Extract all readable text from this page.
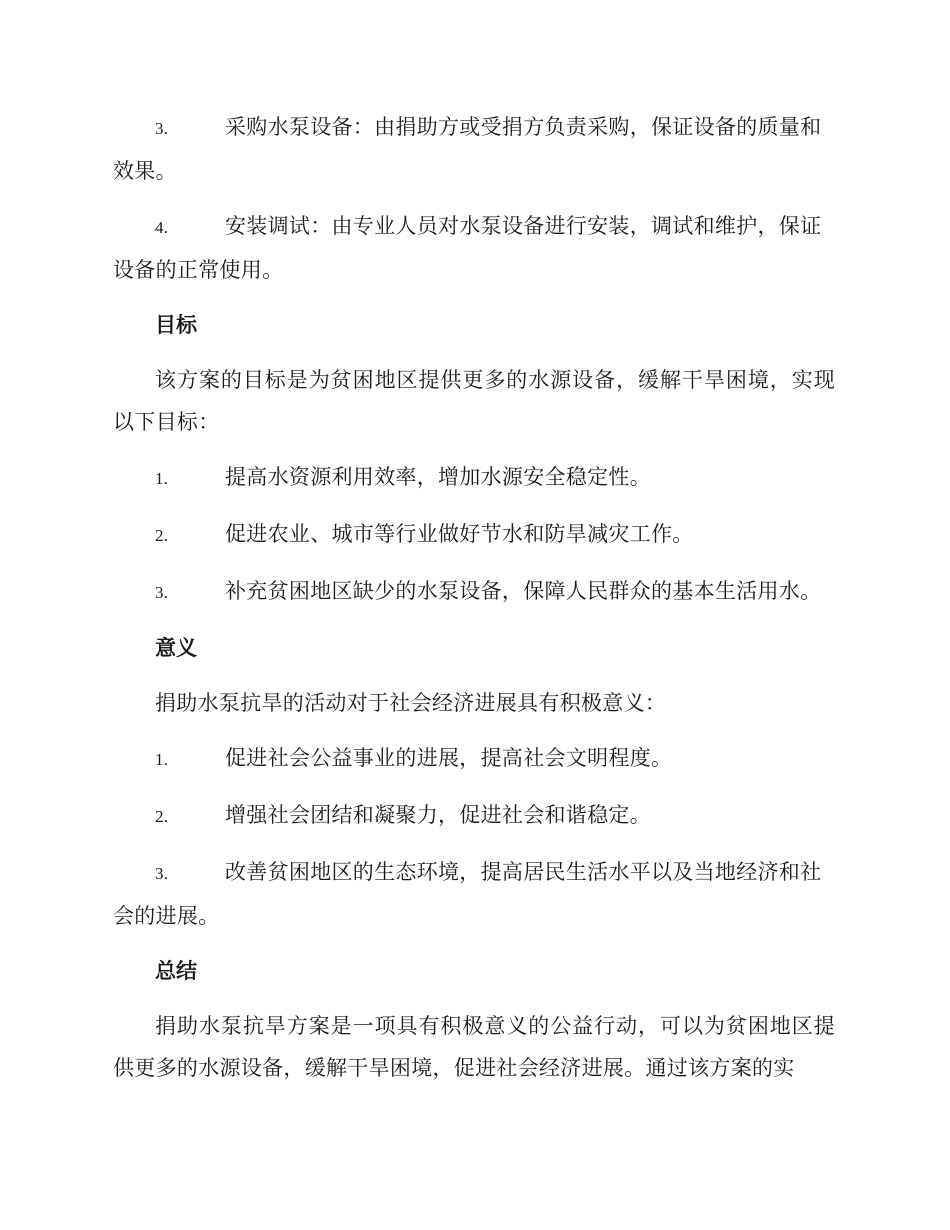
3.	采购水泵设备：由捐助方或受捐方负责采购，保证设备的质量和效果。
4.	安装调试：由专业人员对水泵设备进行安装，调试和维护，保证设备的正常使用。
目标
该方案的目标是为贫困地区提供更多的水源设备，缓解干旱困境，实现以下目标：
1.	提高水资源利用效率，增加水源安全稳定性。
2.	促进农业、城市等行业做好节水和防旱减灾工作。
3.	补充贫困地区缺少的水泵设备，保障人民群众的基本生活用水。
意义
捐助水泵抗旱的活动对于社会经济进展具有积极意义：
1.	促进社会公益事业的进展，提高社会文明程度。
2.	增强社会团结和凝聚力，促进社会和谐稳定。
3.	改善贫困地区的生态环境，提高居民生活水平以及当地经济和社会的进展。
总结
捐助水泵抗旱方案是一项具有积极意义的公益行动，可以为贫困地区提供更多的水源设备，缓解干旱困境，促进社会经济进展。通过该方案的实
